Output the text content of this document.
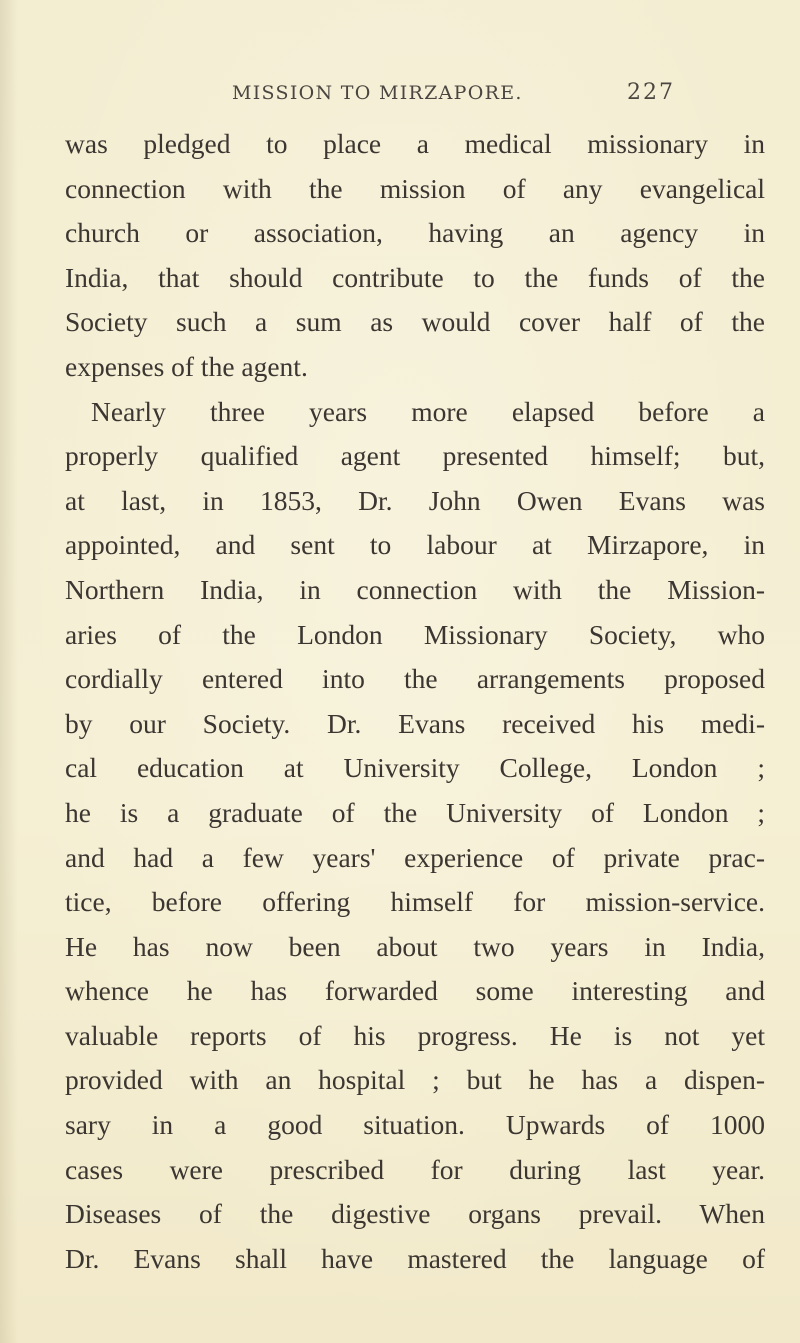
MISSION TO MIRZAPORE.	227
was pledged to place a medical missionary in
connection with the mission of any evangelical
church or association, having an agency in
India, that should contribute to the funds of the
Society such a sum as would cover half of the
expenses of the agent.
Nearly three years more elapsed before a
properly qualified agent presented himself; but,
at last, in 1853, Dr. John Owen Evans was
appointed, and sent to labour at Mirzapore, in
Northern India, in connection with the Mission-
aries of the London Missionary Society, who
cordially entered into the arrangements proposed
by our Society. Dr. Evans received his medi-
cal education at University College, London ;
he is a graduate of the University of London ;
and had a few years' experience of private prac-
tice, before offering himself for mission-service.
He has now been about two years in India,
whence he has forwarded some interesting and
valuable reports of his progress. He is not yet
provided with an hospital ; but he has a dispen-
sary in a good situation. Upwards of 1000
cases were prescribed for during last year.
Diseases of the digestive organs prevail. When
Dr. Evans shall have mastered the language of
